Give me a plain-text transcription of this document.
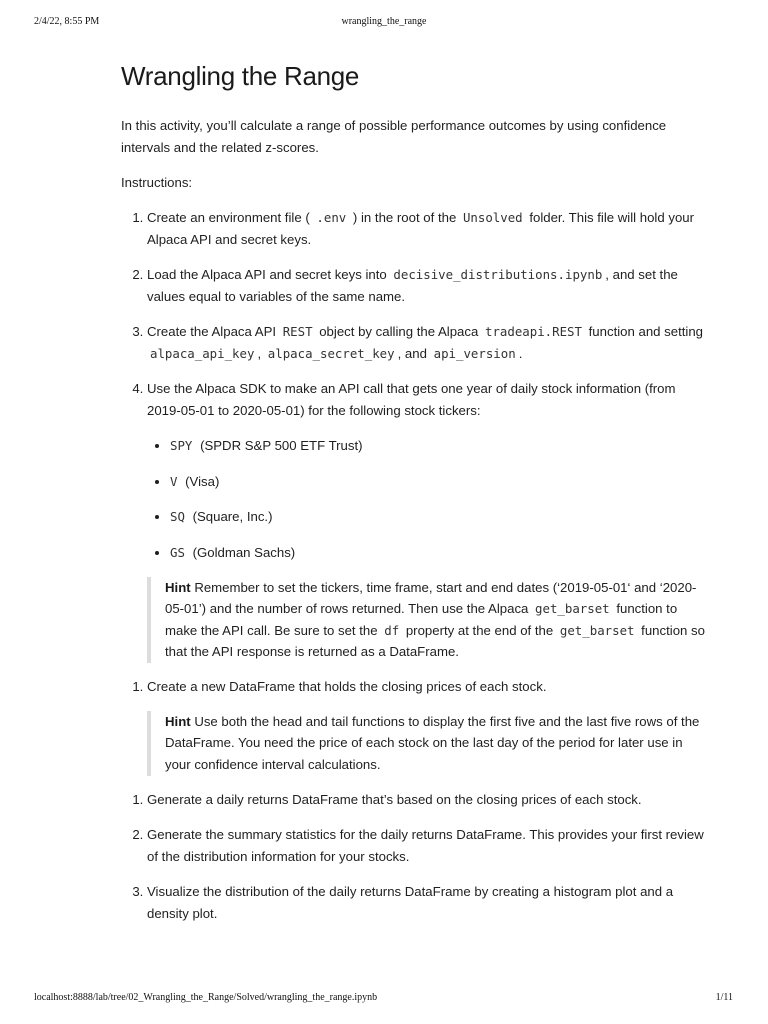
2/4/22, 8:55 PM	wrangling_the_range
Wrangling the Range

In this activity, you’ll calculate a range of possible performance outcomes by using confidence intervals and the related z-scores.

Instructions:

1. Create an environment file ( .env ) in the root of the Unsolved folder. This file will hold your Alpaca API and secret keys.
2. Load the Alpaca API and secret keys into decisive_distributions.ipynb , and set the values equal to variables of the same name.
3. Create the Alpaca API REST object by calling the Alpaca tradeapi.REST function and setting alpaca_api_key , alpaca_secret_key , and api_version .
4. Use the Alpaca SDK to make an API call that gets one year of daily stock information (from 2019-05-01 to 2020-05-01) for the following stock tickers:
• SPY (SPDR S&P 500 ETF Trust)
• V (Visa)
• SQ (Square, Inc.)
• GS (Goldman Sachs)
Hint Remember to set the tickers, time frame, start and end dates (‘2019-05-01‘ and ‘2020-05-01’) and the number of rows returned. Then use the Alpaca get_barset function to make the API call. Be sure to set the df property at the end of the get_barset function so that the API response is returned as a DataFrame.
1. Create a new DataFrame that holds the closing prices of each stock.
Hint Use both the head and tail functions to display the first five and the last five rows of the DataFrame. You need the price of each stock on the last day of the period for later use in your confidence interval calculations.
1. Generate a daily returns DataFrame that’s based on the closing prices of each stock.
2. Generate the summary statistics for the daily returns DataFrame. This provides your first review of the distribution information for your stocks.
3. Visualize the distribution of the daily returns DataFrame by creating a histogram plot and a density plot.
localhost:8888/lab/tree/02_Wrangling_the_Range/Solved/wrangling_the_range.ipynb	1/11
